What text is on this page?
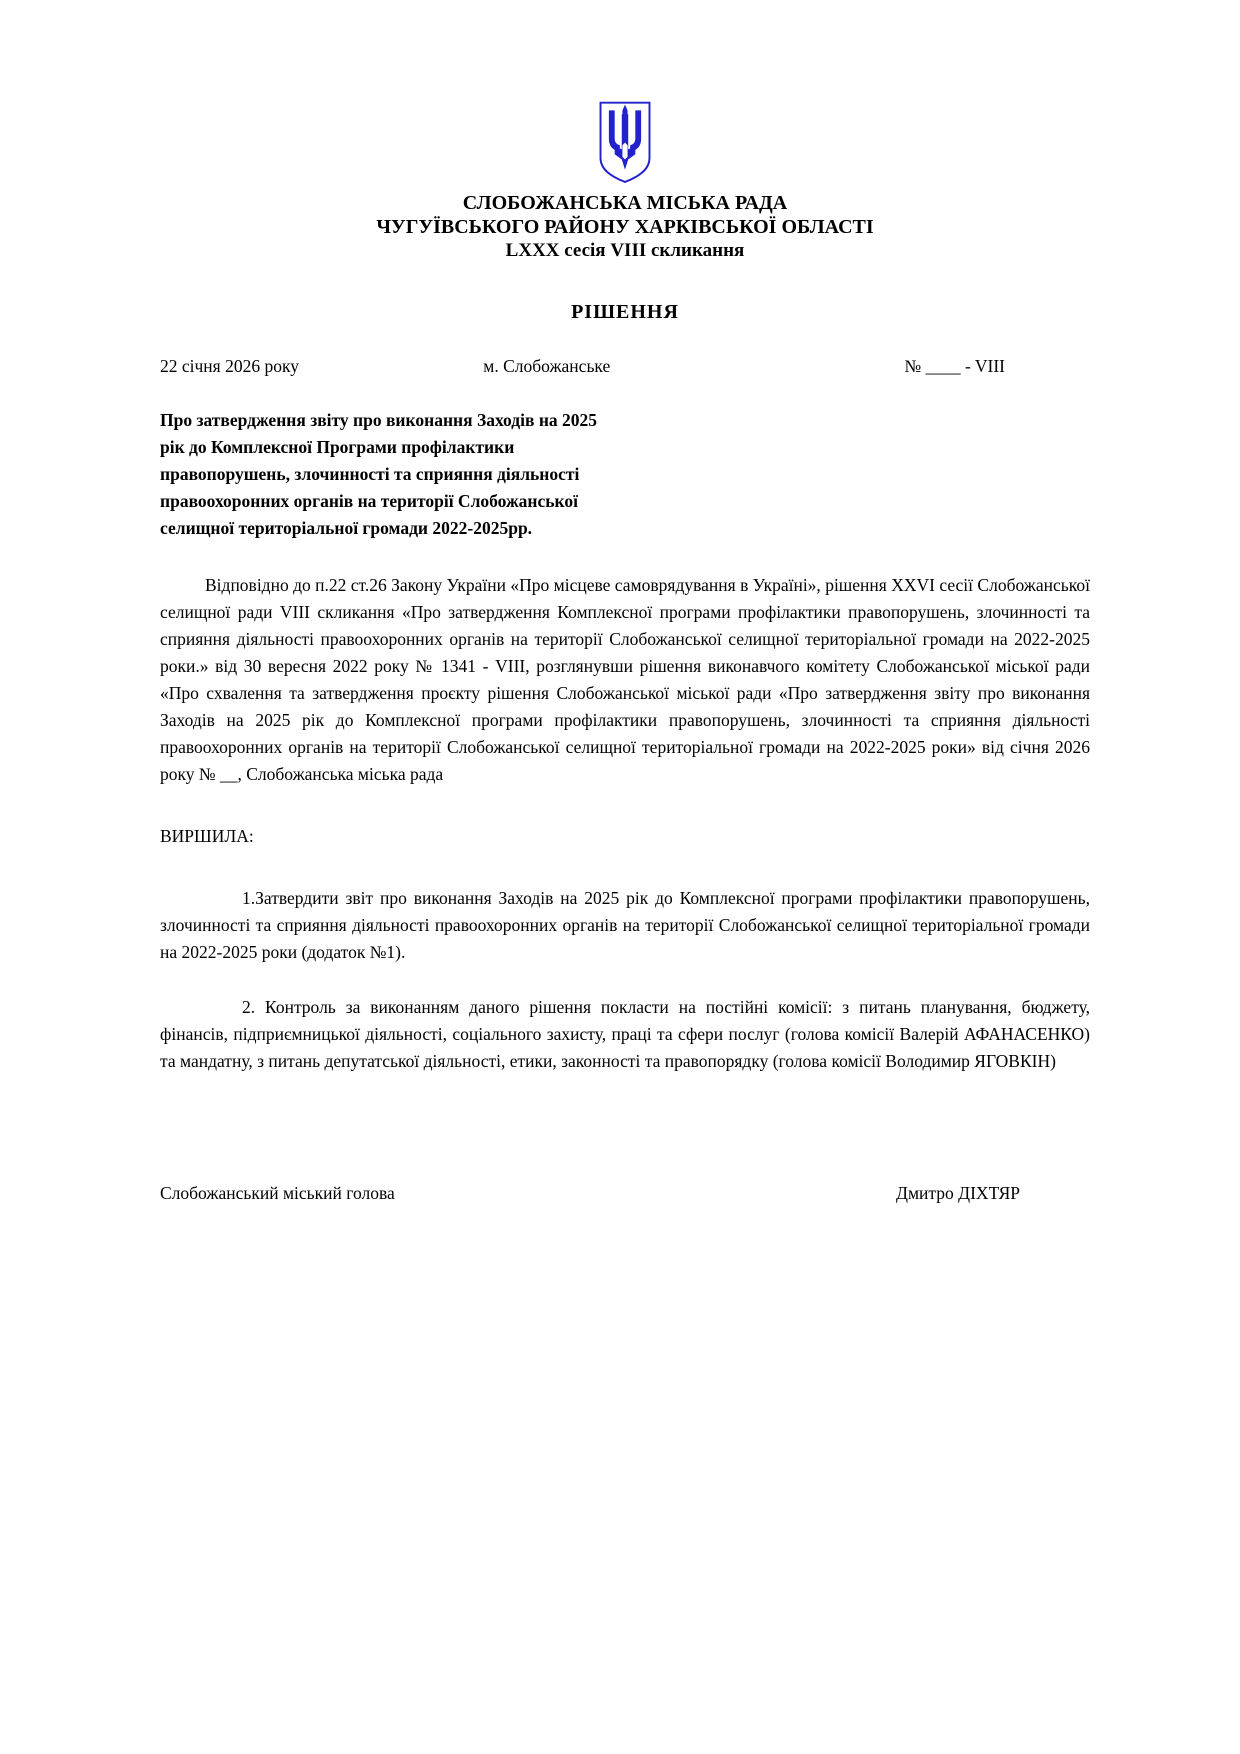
СЛОБОЖАНСЬКА МІСЬКА РАДА
ЧУГУЇВСЬКОГО РАЙОНУ ХАРКІВСЬКОЇ ОБЛАСТІ
LXXX сесія VIII скликання
РІШЕННЯ
22 січня 2026 року	м. Слобожанське	№ ____ - VIII
Про затвердження звіту про виконання Заходів на 2025 рік до Комплексної Програми профілактики правопорушень, злочинності та сприяння діяльності правоохоронних органів на території Слобожанської селищної територіальної громади 2022-2025рр.

Відповідно до п.22 ст.26 Закону України «Про місцеве самоврядування в Україні», рішення XXVI сесії Слобожанської селищної ради VIII скликання «Про затвердження Комплексної програми профілактики правопорушень, злочинності та сприяння діяльності правоохоронних органів на території Слобожанської селищної територіальної громади на 2022-2025 роки.» від 30 вересня 2022 року № 1341 - VIII, розглянувши рішення виконавчого комітету Слобожанської міської ради «Про схвалення та затвердження проєкту рішення Слобожанської міської ради «Про затвердження звіту про виконання Заходів на 2025 рік до Комплексної програми профілактики правопорушень, злочинності та сприяння діяльності правоохоронних органів на території Слобожанської селищної територіальної громади на 2022-2025 роки» від січня 2026 року № __, Слобожанська міська рада

ВИРШИЛА:

1.Затвердити звіт про виконання Заходів на 2025 рік до Комплексної програми профілактики правопорушень, злочинності та сприяння діяльності правоохоронних органів на території Слобожанської селищної територіальної громади на 2022-2025 роки (додаток №1).

2. Контроль за виконанням даного рішення покласти на постійні комісії: з питань планування, бюджету, фінансів, підприємницької діяльності, соціального захисту, праці та сфери послуг (голова комісії Валерій АФАНАСЕНКО) та мандатну, з питань депутатської діяльності, етики, законності та правопорядку (голова комісії Володимир ЯГОВКІН)

Слобожанський міський голова	Дмитро ДІХТЯР
